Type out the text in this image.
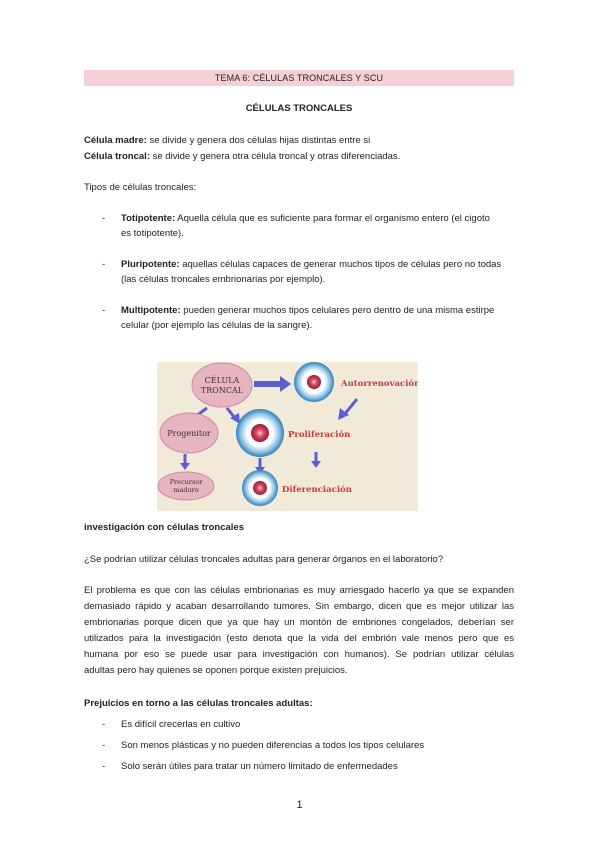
TEMA 6: CÉLULAS TRONCALES Y SCU
CÉLULAS TRONCALES
Célula madre: se divide y genera dos células hijas distintas entre si
Célula troncal: se divide y genera otra célula troncal y otras diferenciadas.
Tipos de células troncales:
- Totipotente: Aquella célula que es suficiente para formar el organismo entero (el cigoto
es totipotente).
- Pluripotente: aquellas células capaces de generar muchos tipos de células pero no todas
(las células troncales embrionarias por ejemplo).
- Multipotente: pueden generar muchos tipos celulares pero dentro de una misma estirpe
celular (por ejemplo las células de la sangre).
CÉLULA
TRONCAL
Autorrenovación
Progenitor	Proliferación
Precursor
maduro	Diferenciación
investigación con células troncales
¿Se podrían utilizar células troncales adultas para generar órganos en el laboratorio?
El problema es que con las células embrionarias es muy arriesgado hacerlo ya que se expanden
demasiado rápido y acaban desarrollando tumores. Sin embargo, dicen que es mejor utilizar las
embrionarias porque dicen que ya que hay un montón de embriones congelados, deberían ser
utilizados para la investigación (esto denota que la vida del embrión vale menos pero que es
humana por eso se puede usar para investigación con humanos). Se podrían utilizar células
adultas pero hay quienes se oponen porque existen prejuicios.
Prejuicios en torno a las células troncales adultas:
- Es difícil crecerlas en cultivo
- Son menos plásticas y no pueden diferencias a todos los tipos celulares
- Solo serán útiles para tratar un número limitado de enfermedades
1
